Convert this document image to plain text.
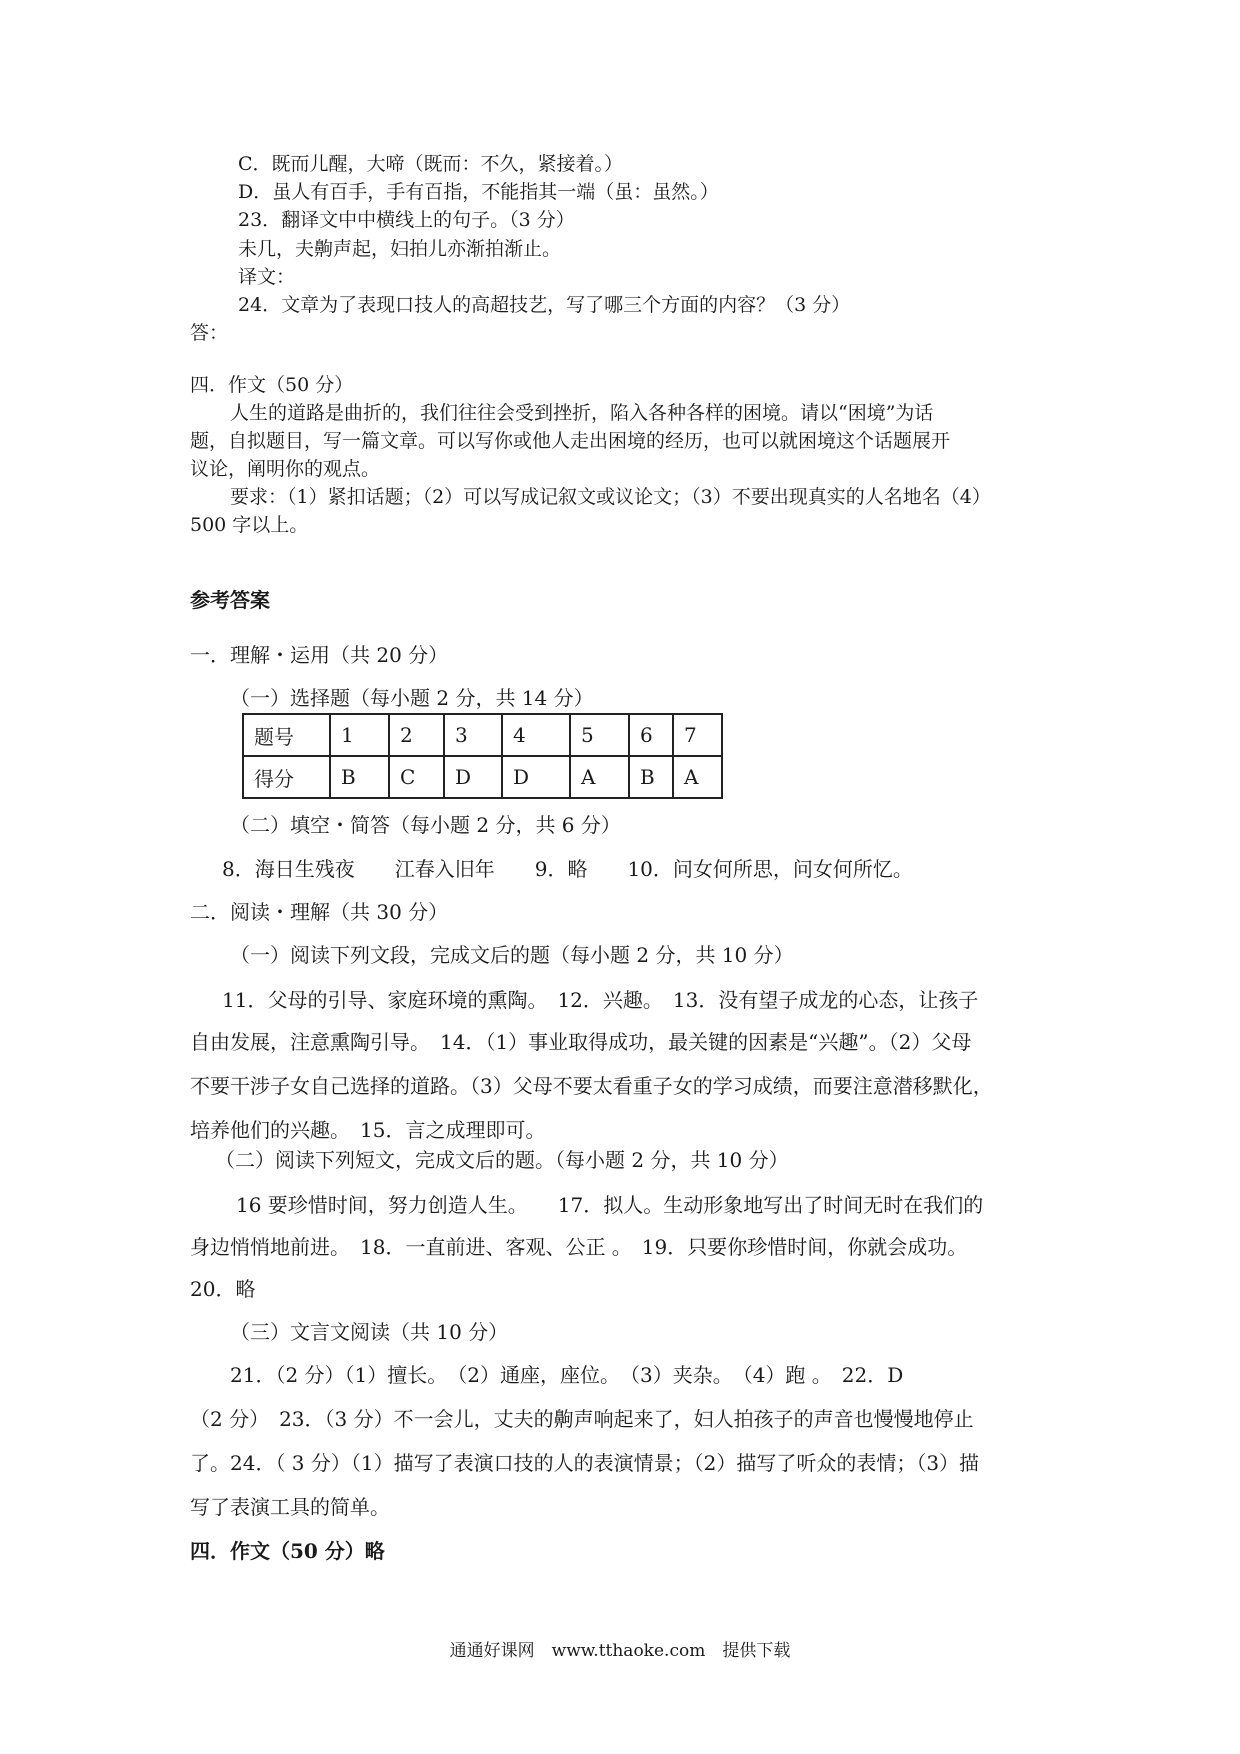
C．既而儿醒，大啼（既而：不久，紧接着。）
D．虽人有百手，手有百指，不能指其一端（虽：虽然。）
23．翻译文中中横线上的句子。（3 分）
未几，夫齁声起，妇拍儿亦渐拍渐止。
译文：
24．文章为了表现口技人的高超技艺，写了哪三个方面的内容？（3 分）
答：
四．作文（50 分）
人生的道路是曲折的，我们往往会受到挫折，陷入各种各样的困境。请以“困境”为话
题，自拟题目，写一篇文章。可以写你或他人走出困境的经历，也可以就困境这个话题展开
议论，阐明你的观点。
要求：（1）紧扣话题；（2）可以写成记叙文或议论文；（3）不要出现真实的人名地名（4）
500 字以上。
参考答案
一．理解・运用（共 20 分）
（一）选择题（每小题 2 分，共 14 分）
题号	1	2	3	4	5	6	7
得分	B	C	D	D	A	B	A
（二）填空・简答（每小题 2 分，共 6 分）
8．海日生残夜　　江春入旧年　　9．略　　10．问女何所思，问女何所忆。
二．阅读・理解（共 30 分）
（一）阅读下列文段，完成文后的题（每小题 2 分，共 10 分）
11．父母的引导、家庭环境的熏陶。　12．兴趣。　13．没有望子成龙的心态，让孩子
自由发展，注意熏陶引导。　14．（1）事业取得成功，最关键的因素是“兴趣”。（2）父母
不要干涉子女自己选择的道路。（3）父母不要太看重子女的学习成绩，而要注意潜移默化，
培养他们的兴趣。　15．言之成理即可。
（二）阅读下列短文，完成文后的题。（每小题 2 分，共 10 分）
16 要珍惜时间，努力创造人生。　　17．拟人。生动形象地写出了时间无时在我们的
身边悄悄地前进。　18．一直前进、客观、公正 。　19．只要你珍惜时间，你就会成功。
20．略
（三）文言文阅读（共 10 分）
21．（2 分）（1）擅长。　（2）通座，座位。　（3）夹杂。　（4）跑 。　22．D
（2 分）　23．（3 分）不一会儿，丈夫的齁声响起来了，妇人拍孩子的声音也慢慢地停止
了。24．（ 3 分）（1）描写了表演口技的人的表演情景；（2）描写了听众的表情；（3）描
写了表演工具的简单。
四．作文（50 分）略
通通好课网　www.tthaoke.com　提供下载
